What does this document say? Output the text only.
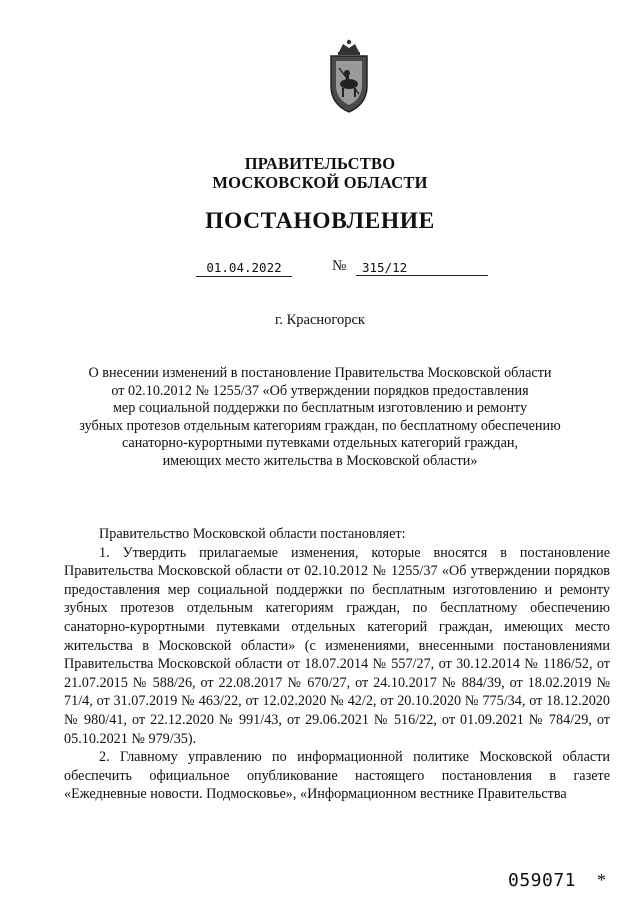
ПРАВИТЕЛЬСТВО
МОСКОВСКОЙ ОБЛАСТИ
ПОСТАНОВЛЕНИЕ
01.04.2022	№	315/12
г. Красногорск
О внесении изменений в постановление Правительства Московской области
от 02.10.2012 № 1255/37 «Об утверждении порядков предоставления
мер социальной поддержки по бесплатным изготовлению и ремонту
зубных протезов отдельным категориям граждан, по бесплатному обеспечению
санаторно-курортными путевками отдельных категорий граждан,
имеющих место жительства в Московской области»

Правительство Московской области постановляет:

1. Утвердить прилагаемые изменения, которые вносятся в постановление Правительства Московской области от 02.10.2012 № 1255/37 «Об утверждении порядков предоставления мер социальной поддержки по бесплатным изготовлению и ремонту зубных протезов отдельным категориям граждан, по бесплатному обеспечению санаторно-курортными путевками отдельных категорий граждан, имеющих место жительства в Московской области» (с изменениями, внесенными постановлениями Правительства Московской области от 18.07.2014 № 557/27, от 30.12.2014 № 1186/52, от 21.07.2015 № 588/26, от 22.08.2017 № 670/27, от 24.10.2017 № 884/39, от 18.02.2019 № 71/4, от 31.07.2019 № 463/22, от 12.02.2020 № 42/2, от 20.10.2020 № 775/34, от 18.12.2020 № 980/41, от 22.12.2020 № 991/43, от 29.06.2021 № 516/22, от 01.09.2021 № 784/29, от 05.10.2021 № 979/35).

2. Главному управлению по информационной политике Московской области обеспечить официальное опубликование настоящего постановления в газете «Ежедневные новости. Подмосковье», «Информационном вестнике Правительства

059071 *
